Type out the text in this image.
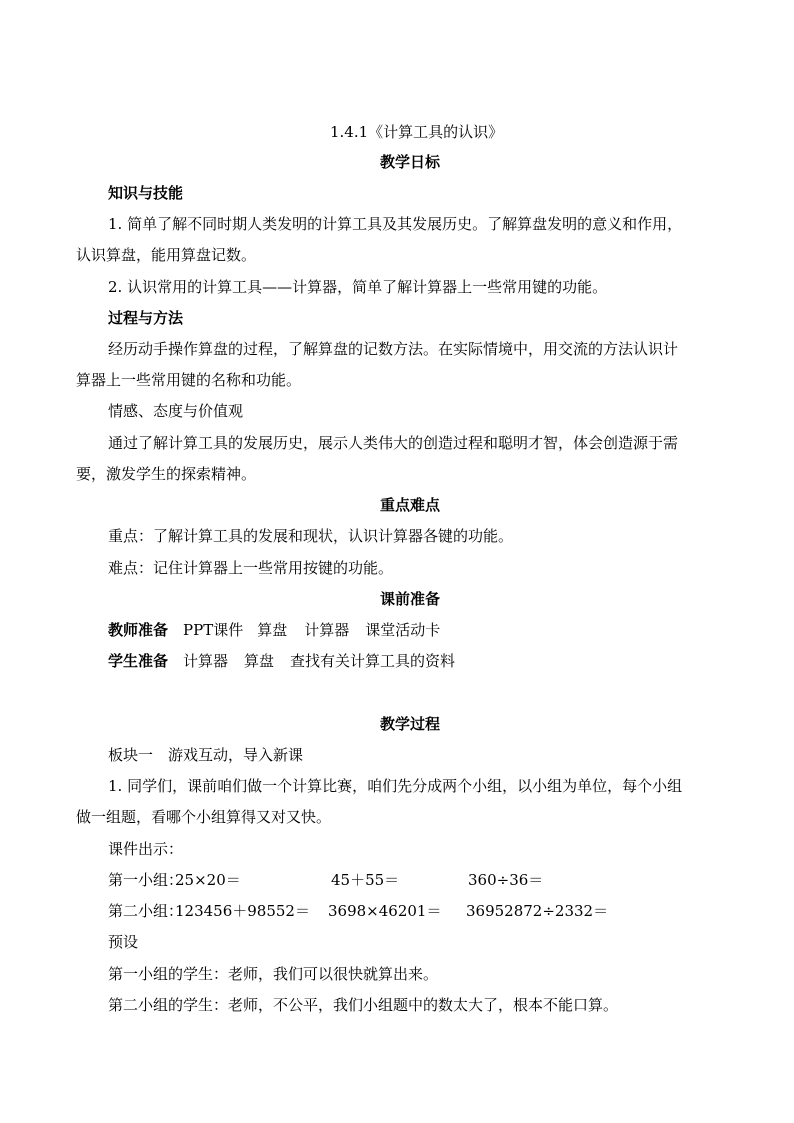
1.4.1《计算工具的认识》
教学日标
知识与技能
1. 简单了解不同时期人类发明的计算工具及其发展历史。了解算盘发明的意义和作用，
认识算盘，能用算盘记数。
2. 认识常用的计算工具——计算器，简单了解计算器上一些常用键的功能。
过程与方法
经历动手操作算盘的过程，了解算盘的记数方法。在实际情境中，用交流的方法认识计
算器上一些常用键的名称和功能。
情感、态度与价值观
通过了解计算工具的发展历史，展示人类伟大的创造过程和聪明才智，体会创造源于需
要，激发学生的探索精神。
重点难点
重点：了解计算工具的发展和现状，认识计算器各键的功能。
难点：记住计算器上一些常用按键的功能。
课前准备
教师准备 PPT课件 算盘 计算器 课堂活动卡
学生准备 计算器 算盘 查找有关计算工具的资料
教学过程
板块一　游戏互动，导入新课
1. 同学们，课前咱们做一个计算比赛，咱们先分成两个小组，以小组为单位，每个小组
做一组题，看哪个小组算得又对又快。
课件出示：
第一小组：
25×20＝	45＋55＝	360÷36＝
第二小组：
123456＋98552＝ 3698×46201＝ 36952872÷2332＝
预设
第一小组的学生：老师，我们可以很快就算出来。
第二小组的学生：老师，不公平，我们小组题中的数太大了，根本不能口算。
